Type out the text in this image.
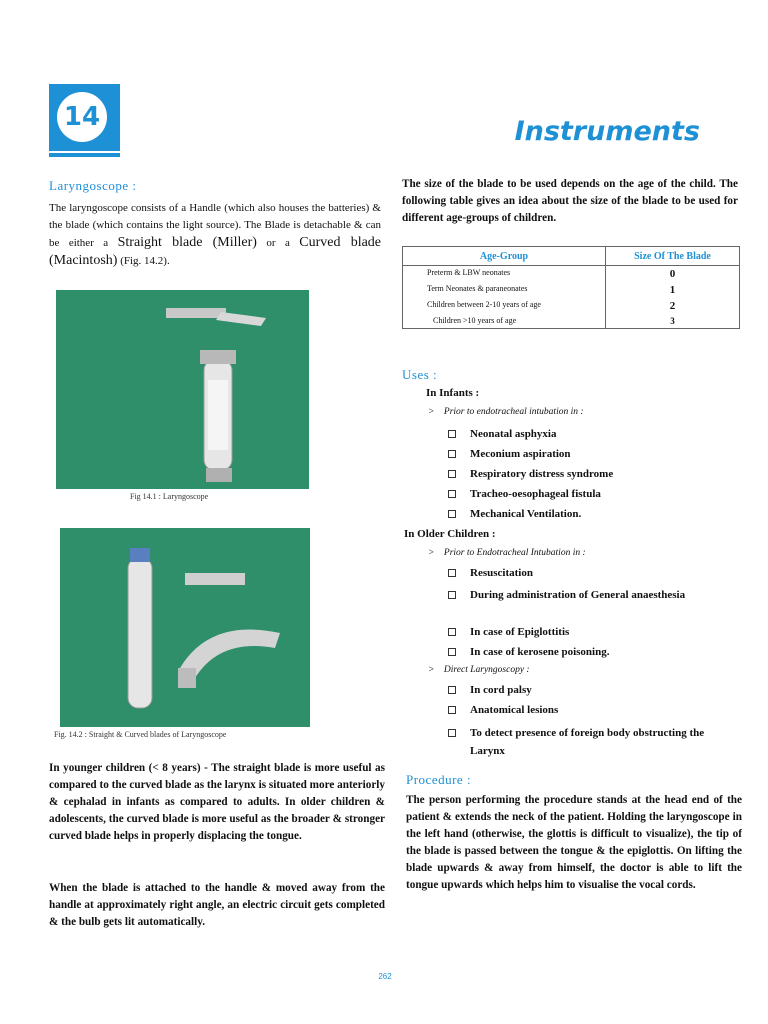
14	Instruments
Laryngoscope :
The laryngoscope consists of a Handle (which also houses the batteries) & the blade (which contains the light source). The Blade is detachable & can be either a Straight blade (Miller) or a Curved blade (Macintosh) (Fig. 14.2).
Fig 14.1 : Laryngoscope
Fig. 14.2 : Straight & Curved blades of Laryngoscope
In younger children (< 8 years) - The straight blade is more useful as compared to the curved blade as the larynx is situated more anteriorly & cephalad in infants as compared to adults. In older children & adolescents, the curved blade is more useful as the broader & stronger curved blade helps in properly displacing the tongue.
When the blade is attached to the handle & moved away from the handle at approximately right angle, an electric circuit gets completed & the bulb gets lit automatically.
The size of the blade to be used depends on the age of the child. The following table gives an idea about the size of the blade to be used for different age-groups of children.
Age-Group	Size Of The Blade
Preterm & LBW neonates	0
Term Neonates & paraneonates	1
Children between 2-10 years of age	2
Children >10 years of age	3
Uses :
In Infants :
>    Prior to endotracheal intubation in :
Neonatal asphyxia
Meconium aspiration
Respiratory distress syndrome
Tracheo-oesophageal fistula
Mechanical Ventilation.
In Older Children :
>    Prior to Endotracheal Intubation in :
Resuscitation
During administration of General anaesthesia
In case of Epiglottitis
In case of kerosene poisoning.
>    Direct Laryngoscopy :
In cord palsy
Anatomical lesions
To detect presence of foreign body obstructing the Larynx
Procedure :
The person performing the procedure stands at the head end of the patient & extends the neck of the patient. Holding the laryngoscope in the left hand (otherwise, the glottis is difficult to visualize), the tip of the blade is passed between the tongue & the epiglottis. On lifting the blade upwards & away from himself, the doctor is able to lift the tongue upwards which helps him to visualise the vocal cords.
262
